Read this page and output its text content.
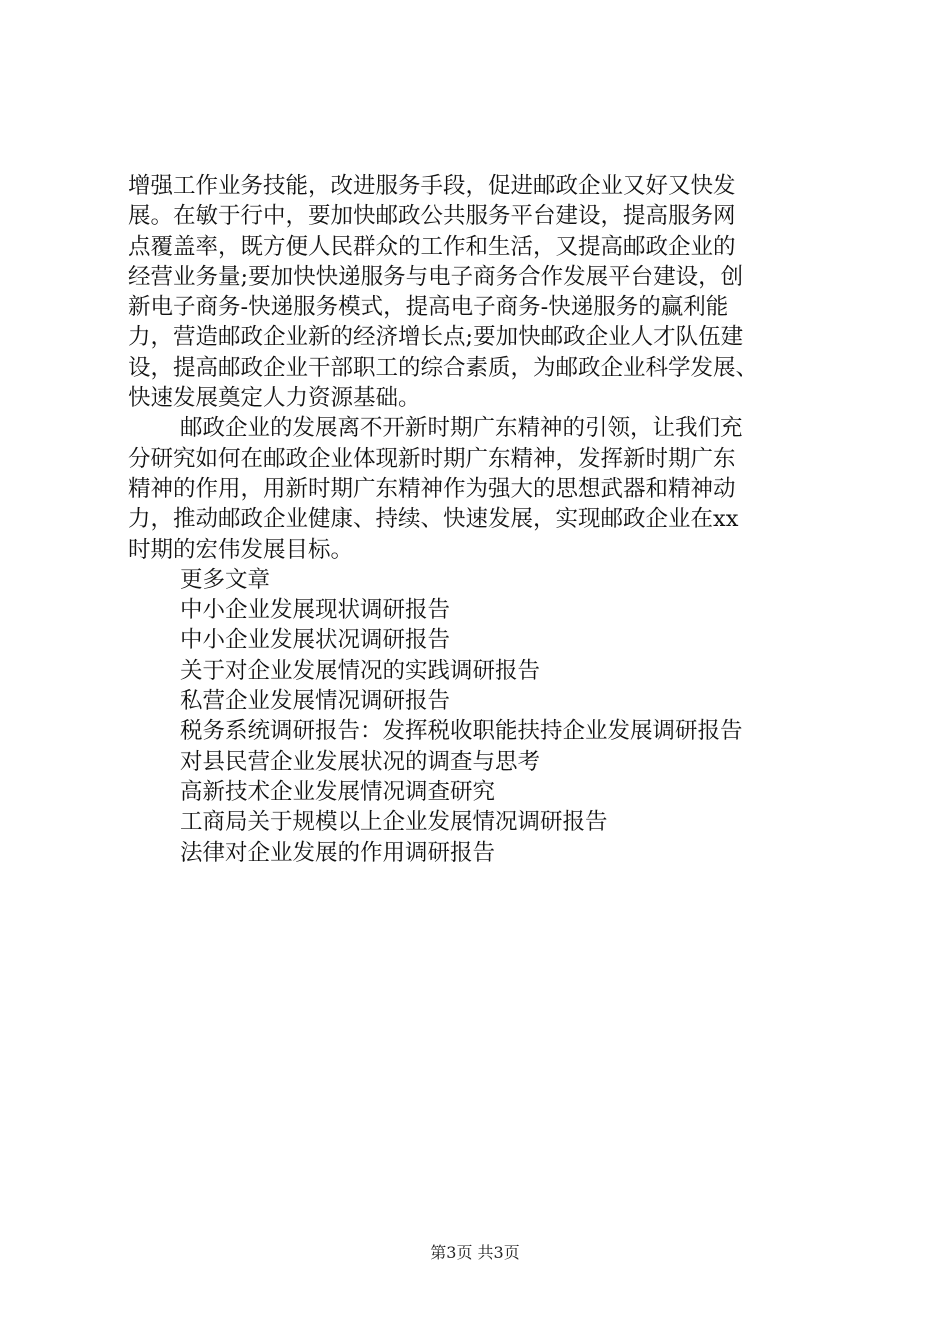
增强工作业务技能，改进服务手段，促进邮政企业又好又快发
展。在敏于行中，要加快邮政公共服务平台建设，提高服务网
点覆盖率，既方便人民群众的工作和生活，又提高邮政企业的
经营业务量;要加快快递服务与电子商务合作发展平台建设，创
新电子商务-快递服务模式，提高电子商务-快递服务的赢利能
力，营造邮政企业新的经济增长点;要加快邮政企业人才队伍建
设，提高邮政企业干部职工的综合素质，为邮政企业科学发展、
快速发展奠定人力资源基础。
邮政企业的发展离不开新时期广东精神的引领，让我们充
分研究如何在邮政企业体现新时期广东精神，发挥新时期广东
精神的作用，用新时期广东精神作为强大的思想武器和精神动
力，推动邮政企业健康、持续、快速发展，实现邮政企业在xx
时期的宏伟发展目标。
更多文章
中小企业发展现状调研报告
中小企业发展状况调研报告
关于对企业发展情况的实践调研报告
私营企业发展情况调研报告
税务系统调研报告：发挥税收职能扶持企业发展调研报告
对县民营企业发展状况的调查与思考
高新技术企业发展情况调查研究
工商局关于规模以上企业发展情况调研报告
法律对企业发展的作用调研报告
第3页 共3页
